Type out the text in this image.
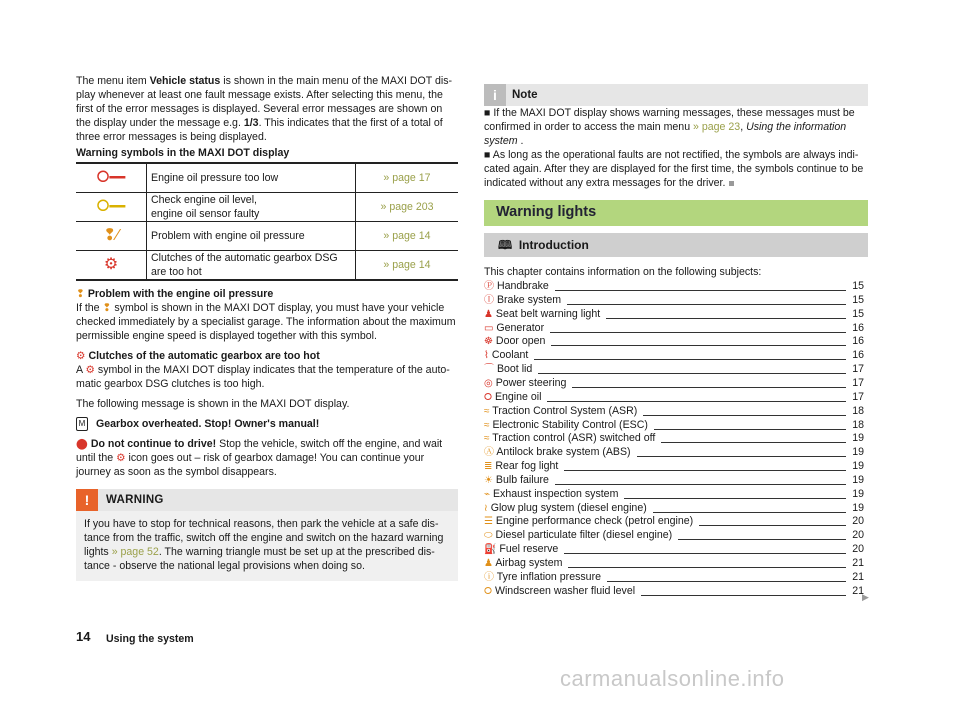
The menu item Vehicle status is shown in the main menu of the MAXI DOT dis-play whenever at least one fault message exists. After selecting this menu, the first of the error messages is displayed. Several error messages are shown on the display under the message e.g. 1/3. This indicates that the first of a total of three error messages is being displayed.

Warning symbols in the MAXI DOT display

⭘━	Engine oil pressure too low	» page 17
⭘━	Check engine oil level,
engine oil sensor faulty	» page 203
❢∕	Problem with engine oil pressure	» page 14
⚙	Clutches of the automatic gearbox DSG are too hot	» page 14

❢ Problem with the engine oil pressure

If the ❢ symbol is shown in the MAXI DOT display, you must have your vehicle checked immediately by a specialist garage. The information about the maximum permissible engine speed is displayed together with this symbol.

⚙ Clutches of the automatic gearbox are too hot

A ⚙ symbol in the MAXI DOT display indicates that the temperature of the auto-matic gearbox DSG clutches is too high.

The following message is shown in the MAXI DOT display.

M Gearbox overheated. Stop! Owner's manual!

⬤ Do not continue to drive! Stop the vehicle, switch off the engine, and wait until the ⚙ icon goes out – risk of gearbox damage! You can continue your journey as soon as the symbol disappears.

!	WARNING
If you have to stop for technical reasons, then park the vehicle at a safe dis-tance from the traffic, switch off the engine and switch on the hazard warning lights » page 52. The warning triangle must be set up at the prescribed dis-tance - observe the national legal provisions when doing so.
i	Note

■ If the MAXI DOT display shows warning messages, these messages must be confirmed in order to access the main menu » page 23, Using the information system .

■ As long as the operational faults are not rectified, the symbols are always indi-cated again. After they are displayed for the first time, the symbols continue to be indicated without any extra messages for the driver.

Warning lights
🕮 Introduction
This chapter contains information on the following subjects:
Ⓟ Handbrake	15
Ⓘ Brake system	15
♟ Seat belt warning light	15
▭ Generator	16
☸ Door open	16
⌇ Coolant	16
⌒ Boot lid	17
◎ Power steering	17
⭘ Engine oil	17
≈ Traction Control System (ASR)	18
≈ Electronic Stability Control (ESC)	18
≈ Traction control (ASR) switched off	19
Ⓐ Antilock brake system (ABS)	19
≣ Rear fog light	19
☀ Bulb failure	19
⌁ Exhaust inspection system	19
≀ Glow plug system (diesel engine)	19
☰ Engine performance check (petrol engine)	20
⬭ Diesel particulate filter (diesel engine)	20
⛽ Fuel reserve	20
♟ Airbag system	21
ⓘ Tyre inflation pressure	21
⭘ Windscreen washer fluid level	21
▶
14 Using the system
carmanualsonline.info
